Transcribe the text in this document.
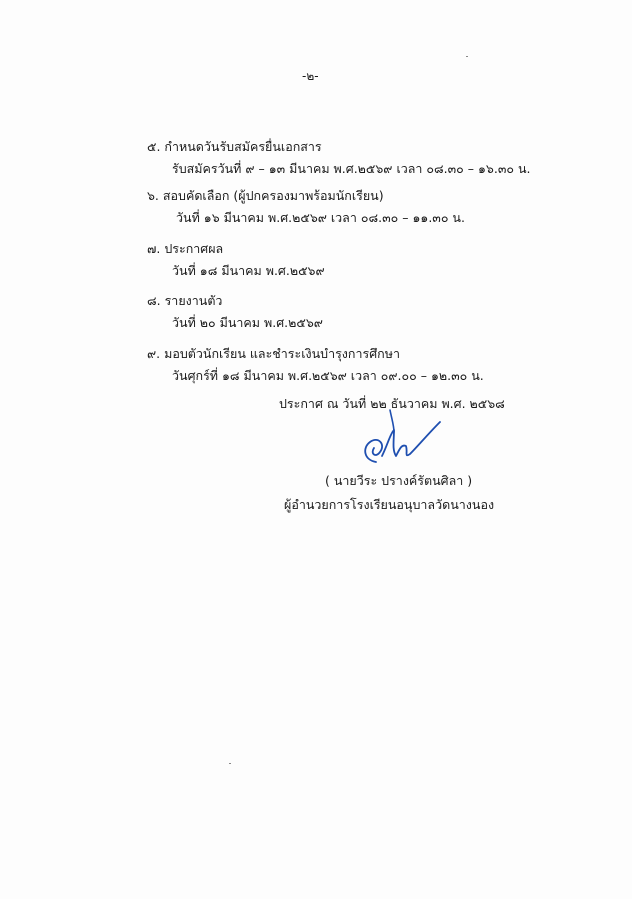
-๒-
๕. กำหนดวันรับสมัครยื่นเอกสาร
รับสมัครวันที่ ๙ – ๑๓ มีนาคม พ.ศ.๒๕๖๙ เวลา ๐๘.๓๐ – ๑๖.๓๐ น.
๖. สอบคัดเลือก (ผู้ปกครองมาพร้อมนักเรียน)
วันที่ ๑๖ มีนาคม พ.ศ.๒๕๖๙ เวลา ๐๘.๓๐ – ๑๑.๓๐ น.
๗. ประกาศผล
วันที่ ๑๘ มีนาคม พ.ศ.๒๕๖๙
๘. รายงานตัว
วันที่ ๒๐ มีนาคม พ.ศ.๒๕๖๙
๙. มอบตัวนักเรียน และชำระเงินบำรุงการศึกษา
วันศุกร์ที่ ๑๘ มีนาคม พ.ศ.๒๕๖๙ เวลา ๐๙.๐๐ – ๑๒.๓๐ น.
ประกาศ ณ วันที่ ๒๒ ธันวาคม พ.ศ. ๒๕๖๘
( นายวีระ ปรางค์รัตนศิลา )
ผู้อำนวยการโรงเรียนอนุบาลวัดนางนอง
